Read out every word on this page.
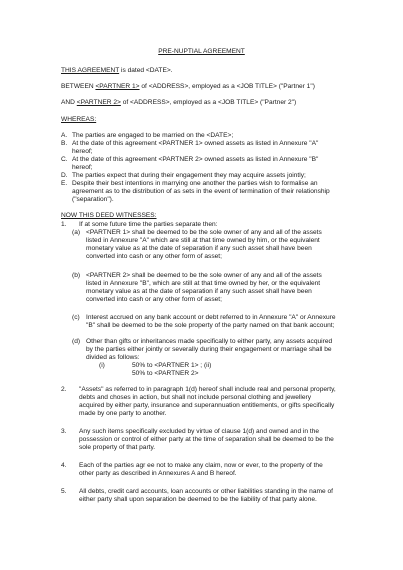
PRE-NUPTIAL AGREEMENT
THIS AGREEMENT is dated <DATE>.
BETWEEN <PARTNER 1> of <ADDRESS>, employed as a <JOB TITLE> ("Partner 1")
AND <PARTNER 2> of <ADDRESS>, employed as a <JOB TITLE> ("Partner 2")
WHEREAS:
A. The parties are engaged to be married on the <DATE>;
B. At the date of this agreement <PARTNER 1> owned assets as listed in Annexure "A"
hereof;
C. At the date of this agreement <PARTNER 2> owned assets as listed in Annexure "B"
hereof;
D. The parties expect that during their engagement they may acquire assets jointly;
E. Despite their best intentions in marrying one another the parties wish to formalise an
agreement as to the distribution of as sets in the event of termination of their relationship
("separation").
NOW THIS DEED WITNESSES:
1. If at some future time the parties separate then:
(a) <PARTNER 1> shall be deemed to be the sole owner of any and all of the assets
listed in Annexure "A" which are still at that time owned by him, or the equivalent
monetary value as at the date of separation if any such asset shall have been
converted into cash or any other form of asset;
(b) <PARTNER 2> shall be deemed to be the sole owner of any and all of the assets
listed in Annexure "B", which are still at that time owned by her, or the equivalent
monetary value as at the date of separation if any such asset shall have been
converted into cash or any other form of asset;
(c) Interest accrued on any bank account or debt referred to in Annexure "A" or Annexure
"B" shall be deemed to be the sole property of the party named on that bank account;
(d) Other than gifts or inheritances made specifically to either party, any assets acquired
by the parties either jointly or severally during their engagement or marriage shall be
divided as follows:
(i)	50% to <PARTNER 1> ; (ii)
50% to <PARTNER 2>
2. "Assets" as referred to in paragraph 1(d) hereof shall include real and personal property,
debts and choses in action, but shall not include personal clothing and jewellery
acquired by either party, insurance and superannuation entitlements, or gifts specifically
made by one party to another.
3. Any such items specifically excluded by virtue of clause 1(d) and owned and in the
possession or control of either party at the time of separation shall be deemed to be the
sole property of that party.
4. Each of the parties agr ee not to make any claim, now or ever, to the property of the
other party as described in Annexures A and B hereof.
5. All debts, credit card accounts, loan accounts or other liabilities standing in the name of
either party shall upon separation be deemed to be the liability of that party alone.
